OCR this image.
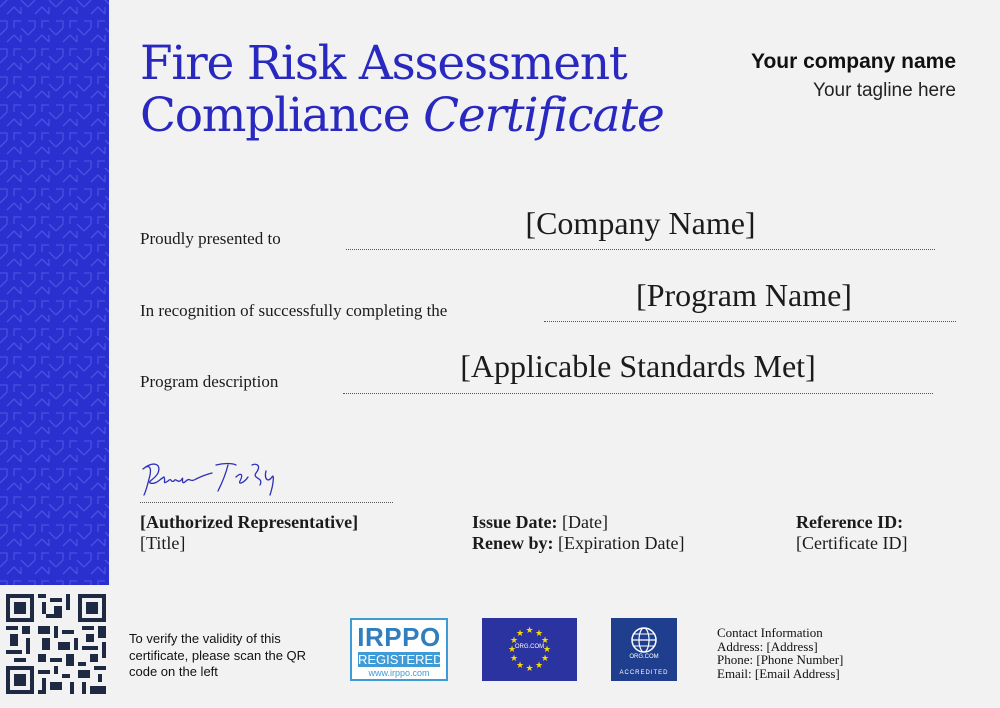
Fire Risk Assessment
Compliance Certificate
Your company name
Your tagline here
Proudly presented to	[Company Name]
In recognition of successfully completing the	[Program Name]
Program description	[Applicable Standards Met]
[Authorized Representative]
[Title]
Issue Date: [Date]
Renew by: [Expiration Date]
Reference ID:
[Certificate ID]
To verify the validity of this certificate, please scan the QR code on the left
IRPPO
REGISTERED
www.irppo.com
★ ★
★
★
★
★
★
★
★
★
★
★
ORG.COM
ORG.COM
ACCREDITED
Contact Information
Address: [Address]
Phone: [Phone Number]
Email: [Email Address]
